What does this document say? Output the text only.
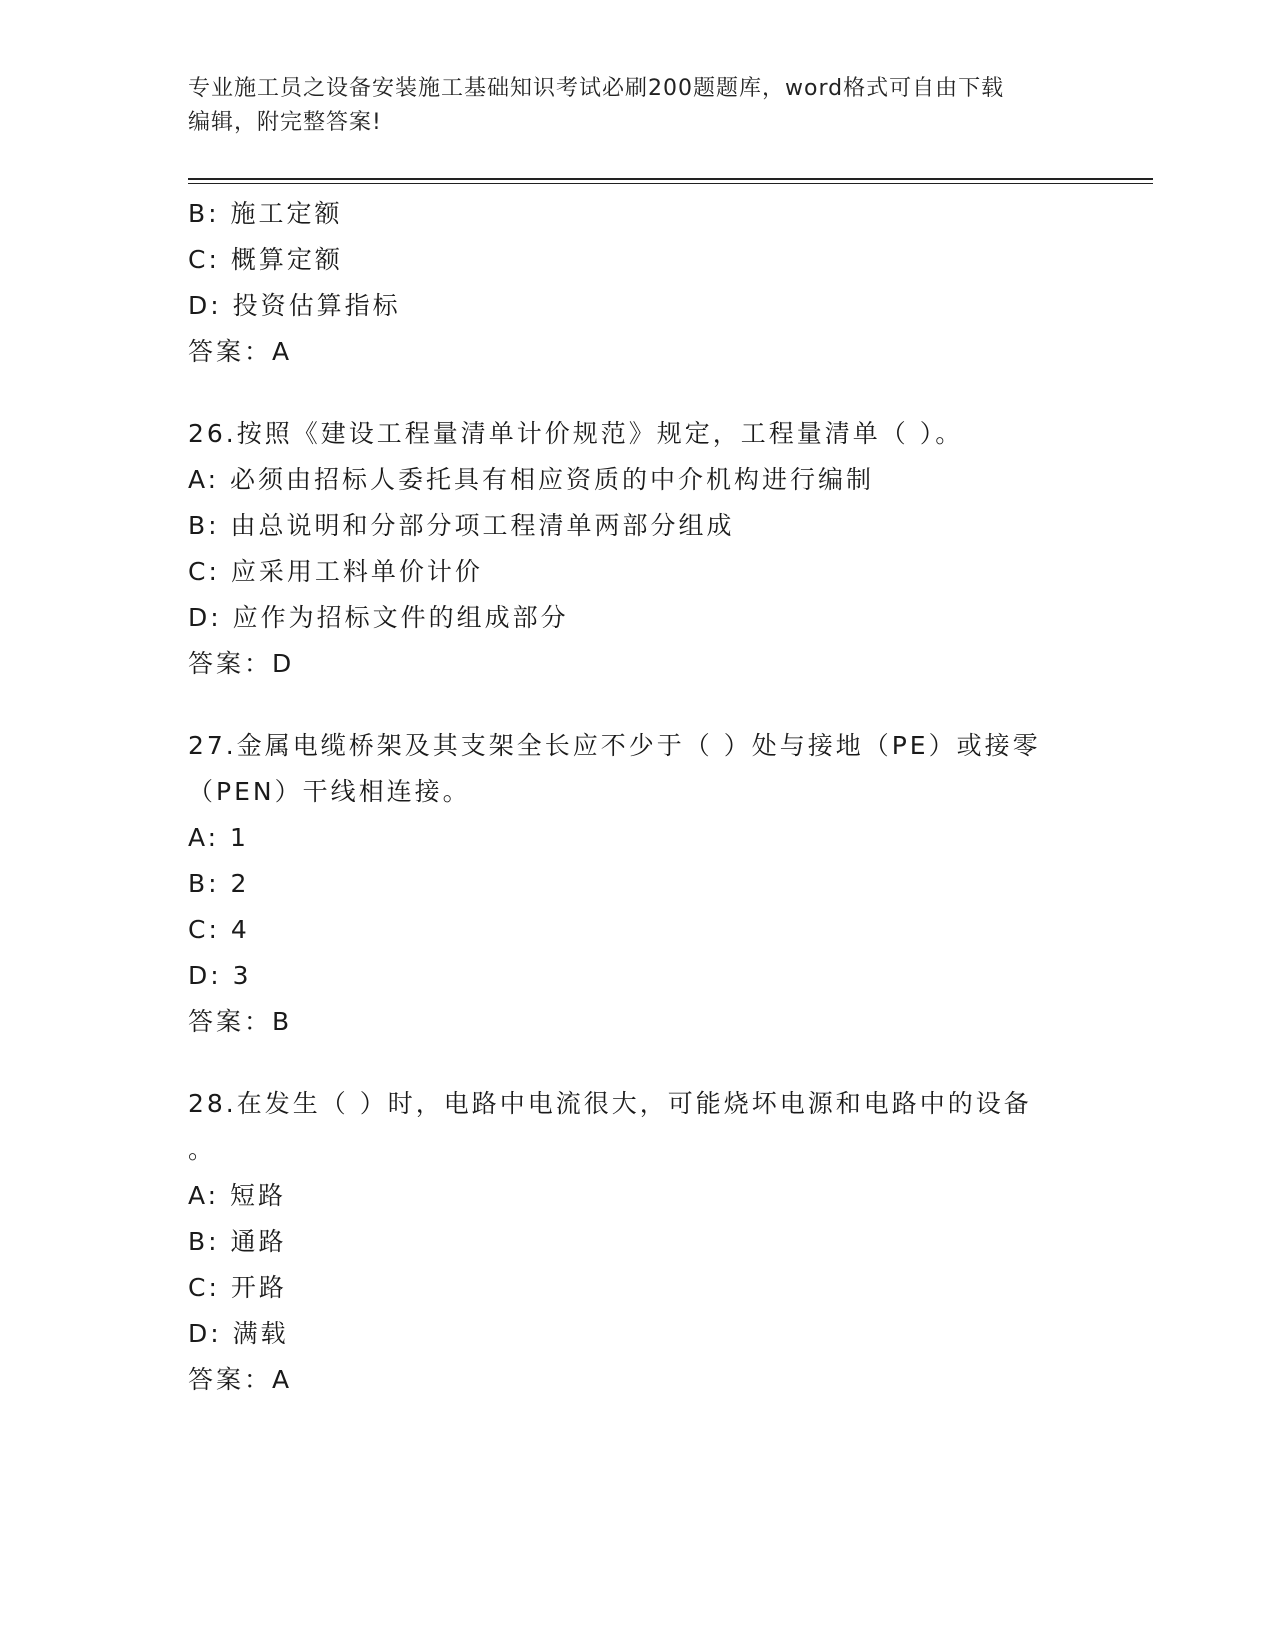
专业施工员之设备安装施工基础知识考试必刷200题题库，word格式可自由下载
编辑，附完整答案!
B: 施工定额
C: 概算定额
D: 投资估算指标
答案：A
26.按照《建设工程量清单计价规范》规定，工程量清单（ ）。
A: 必须由招标人委托具有相应资质的中介机构进行编制
B: 由总说明和分部分项工程清单两部分组成
C: 应采用工料单价计价
D: 应作为招标文件的组成部分
答案：D
27.金属电缆桥架及其支架全长应不少于（ ）处与接地（PE）或接零
（PEN）干线相连接。
A: 1
B: 2
C: 4
D: 3
答案：B
28.在发生（ ）时，电路中电流很大，可能烧坏电源和电路中的设备
。
A: 短路
B: 通路
C: 开路
D: 满载
答案：A
